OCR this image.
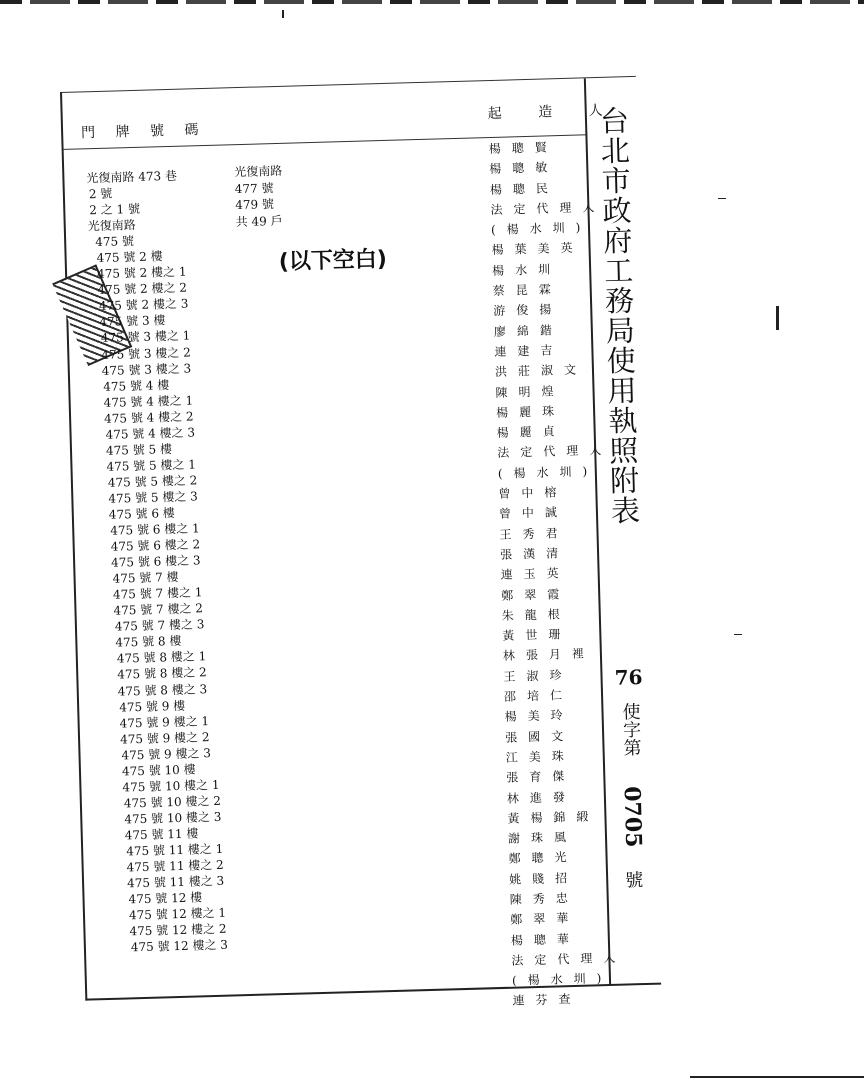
門 牌 號 碼
起 造 人
光復南路 473 巷
2 號
2 之 1 號
光復南路
475 號
475 號 2 樓
475 號 2 樓之 1
475 號 2 樓之 2
475 號 2 樓之 3
475 號 3 樓
475 號 3 樓之 1
475 號 3 樓之 2
475 號 3 樓之 3
475 號 4 樓
475 號 4 樓之 1
475 號 4 樓之 2
475 號 4 樓之 3
475 號 5 樓
475 號 5 樓之 1
475 號 5 樓之 2
475 號 5 樓之 3
475 號 6 樓
475 號 6 樓之 1
475 號 6 樓之 2
475 號 6 樓之 3
475 號 7 樓
475 號 7 樓之 1
475 號 7 樓之 2
475 號 7 樓之 3
475 號 8 樓
475 號 8 樓之 1
475 號 8 樓之 2
475 號 8 樓之 3
475 號 9 樓
475 號 9 樓之 1
475 號 9 樓之 2
475 號 9 樓之 3
475 號 10 樓
475 號 10 樓之 1
475 號 10 樓之 2
475 號 10 樓之 3
475 號 11 樓
475 號 11 樓之 1
475 號 11 樓之 2
475 號 11 樓之 3
475 號 12 樓
475 號 12 樓之 1
475 號 12 樓之 2
475 號 12 樓之 3
光復南路
477 號
479 號
共 49 戶
(以下空白)
楊聰賢
楊聰敏
楊聰民
法定代理人
(楊水圳)
楊葉美英
楊水圳
蔡昆霖
游俊揚
廖綿鍇
連建吉
洪莊淑文
陳明煌
楊麗珠
楊麗貞
法定代理人
(楊水圳)
曾中榕
曾中誠
王秀君
張漢清
連玉英
鄭翠霞
朱龍根
黃世珊
林張月裡
王淑珍
邵培仁
楊美玲
張國文
江美珠
張育傑
林進發
黃楊錦緞
謝珠風
鄭聰光
姚賤招
陳秀忠
鄭翠華
楊聰華
法定代理人
(楊水圳)
連芬查
台北市政府工務局使用執照附表
76
使字第
0705
號
